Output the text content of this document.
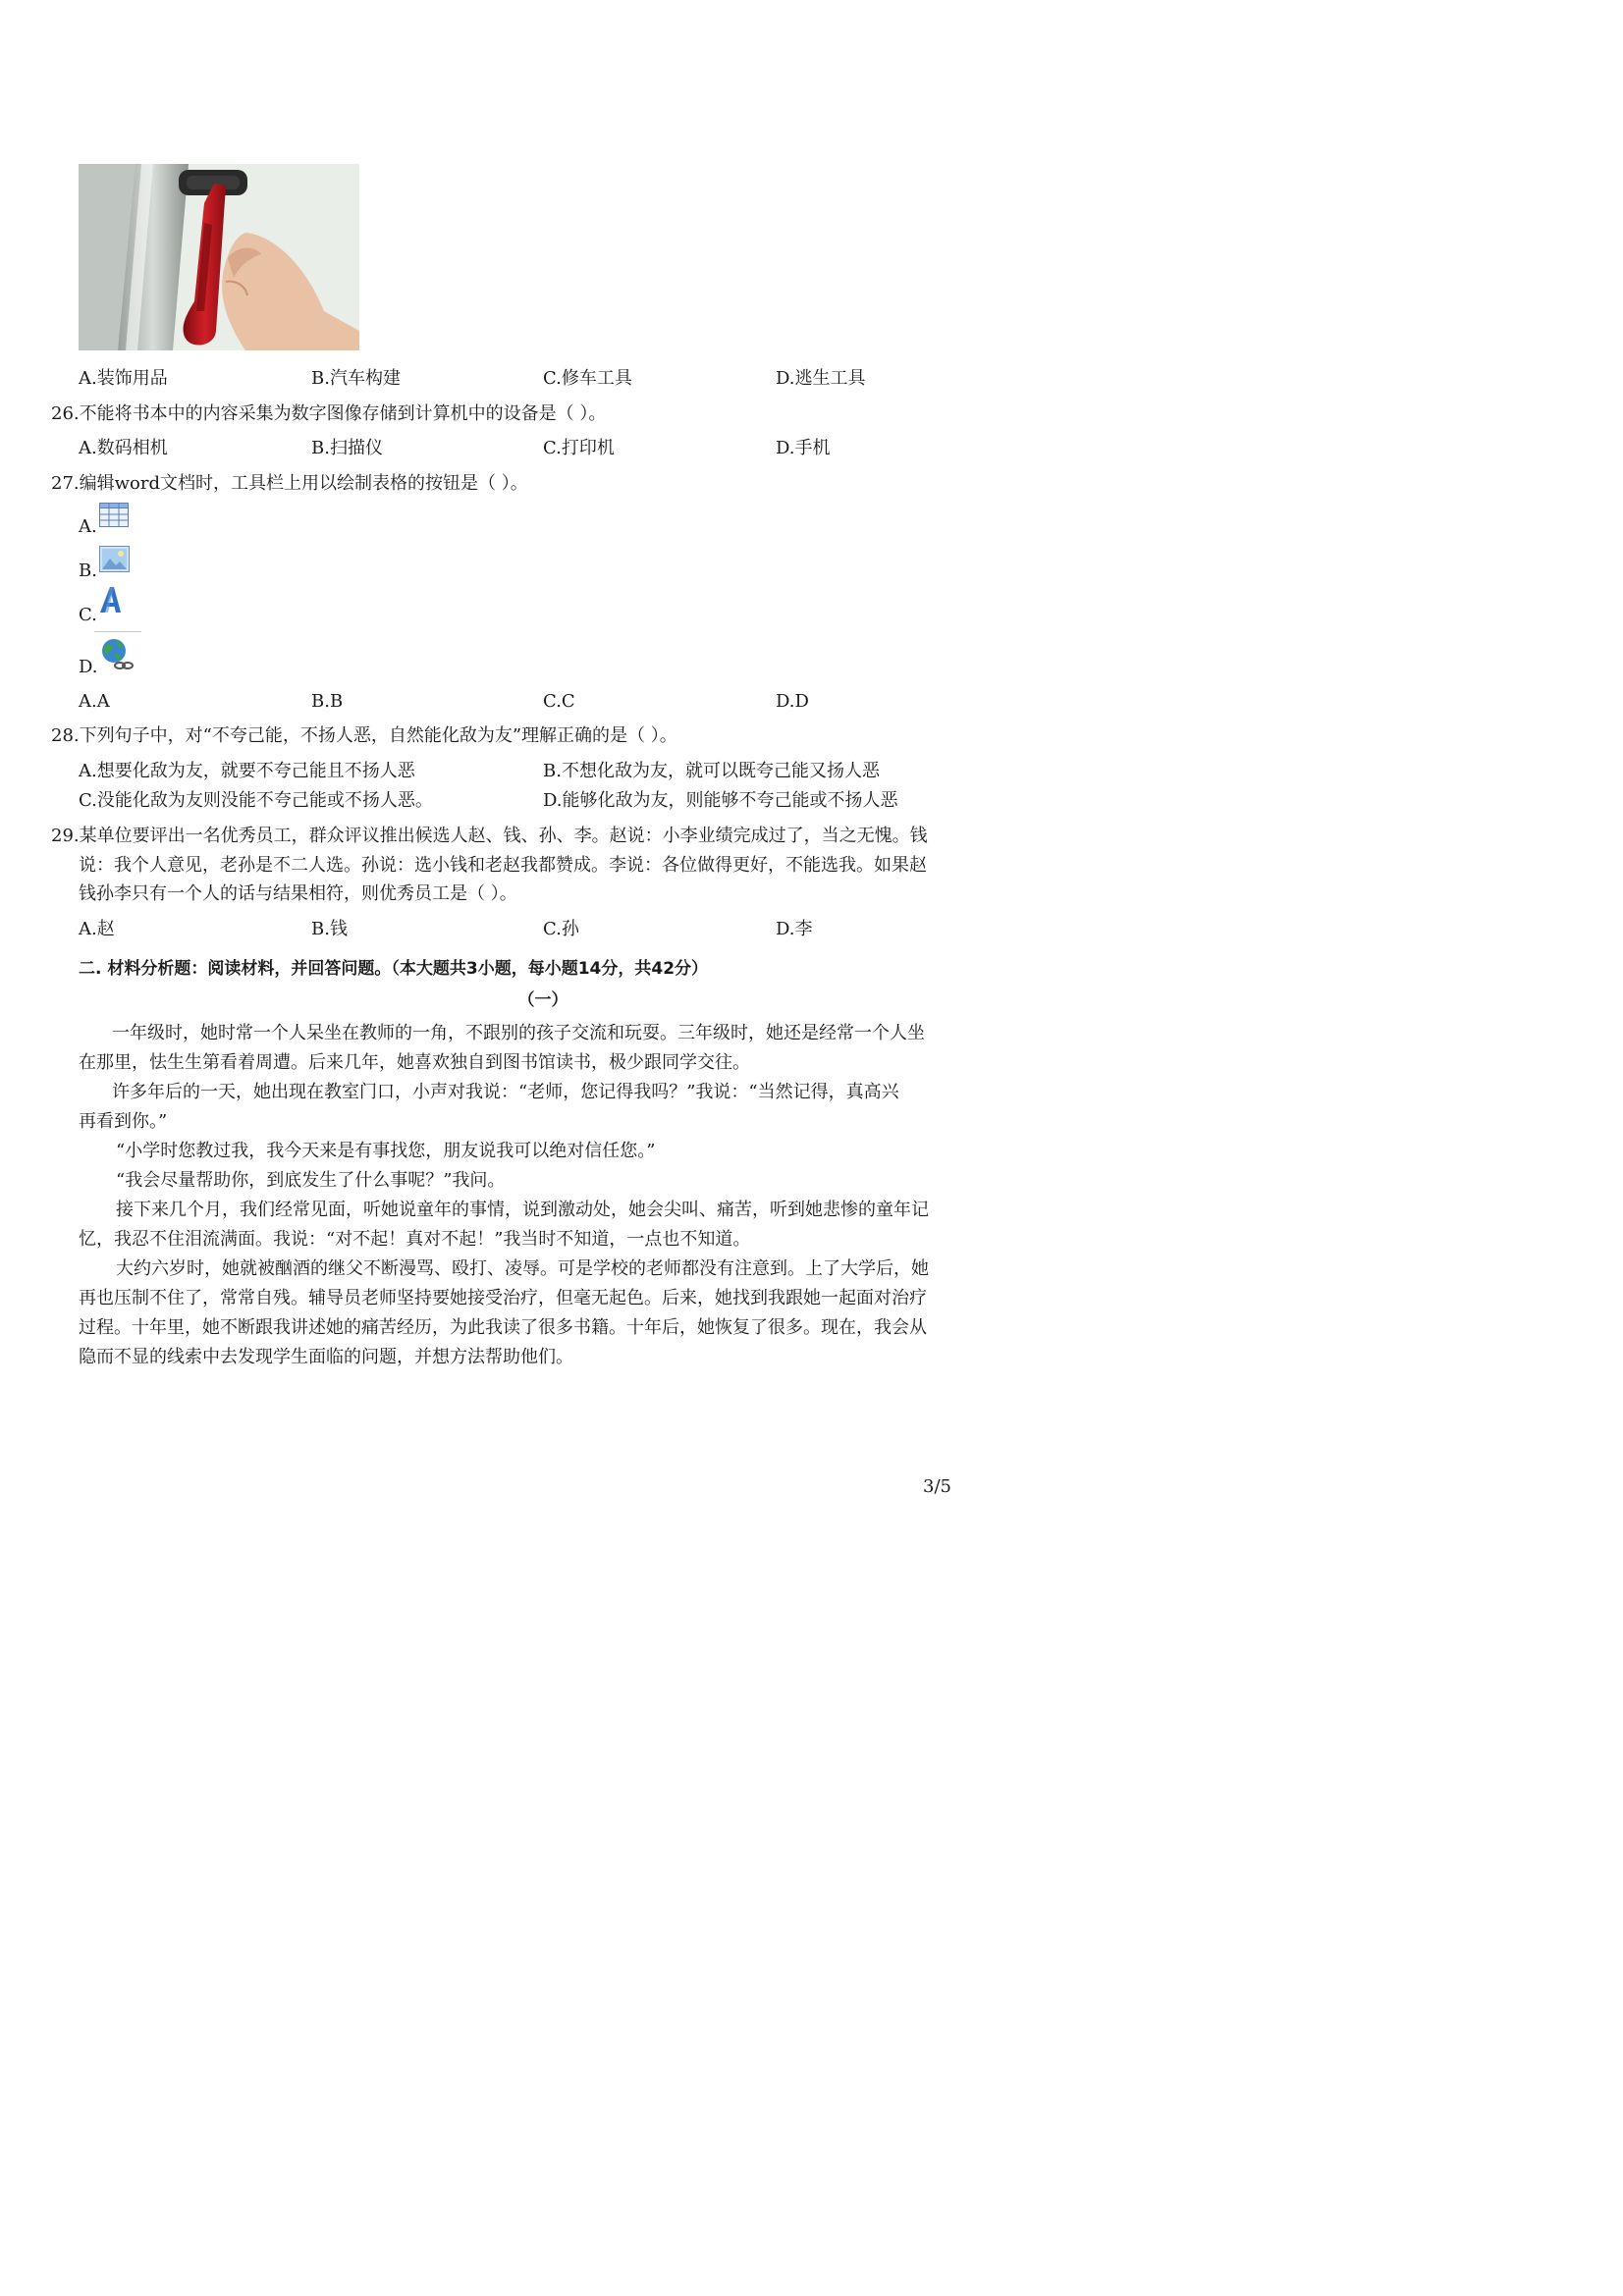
A.装饰用品	B.汽车构建	C.修车工具	D.逃生工具
26.不能将书本中的内容采集为数字图像存储到计算机中的设备是（ ）。
A.数码相机	B.扫描仪	C.打印机	D.手机
27.编辑word文档时，工具栏上用以绘制表格的按钮是（ ）。
A.
B.
C.
D.
A.A	B.B	C.C	D.D
28.下列句子中，对“不夸己能，不扬人恶，自然能化敌为友”理解正确的是（ ）。
A.想要化敌为友，就要不夸己能且不扬人恶	B.不想化敌为友，就可以既夸己能又扬人恶
C.没能化敌为友则没能不夸己能或不扬人恶。	D.能够化敌为友，则能够不夸己能或不扬人恶
29.某单位要评出一名优秀员工，群众评议推出候选人赵、钱、孙、李。赵说：小李业绩完成过了，当之无愧。钱
说：我个人意见，老孙是不二人选。孙说：选小钱和老赵我都赞成。李说：各位做得更好，不能选我。如果赵
钱孙李只有一个人的话与结果相符，则优秀员工是（ ）。
A.赵	B.钱	C.孙	D.李
二. 材料分析题：阅读材料，并回答问题。（本大题共3小题，每小题14分，共42分）
（一）
一年级时，她时常一个人呆坐在教师的一角，不跟别的孩子交流和玩耍。三年级时，她还是经常一个人坐
在那里，怯生生第看着周遭。后来几年，她喜欢独自到图书馆读书，极少跟同学交往。
许多年后的一天，她出现在教室门口，小声对我说：“老师，您记得我吗？”我说：“当然记得，真高兴
再看到你。”
“小学时您教过我，我今天来是有事找您，朋友说我可以绝对信任您。”
“我会尽量帮助你，到底发生了什么事呢？”我问。
接下来几个月，我们经常见面，听她说童年的事情，说到激动处，她会尖叫、痛苦，听到她悲惨的童年记
忆，我忍不住泪流满面。我说：“对不起！真对不起！”我当时不知道，一点也不知道。
大约六岁时，她就被酗酒的继父不断漫骂、殴打、凌辱。可是学校的老师都没有注意到。上了大学后，她
再也压制不住了，常常自残。辅导员老师坚持要她接受治疗，但毫无起色。后来，她找到我跟她一起面对治疗
过程。十年里，她不断跟我讲述她的痛苦经历，为此我读了很多书籍。十年后，她恢复了很多。现在，我会从
隐而不显的线索中去发现学生面临的问题，并想方法帮助他们。
3/5
